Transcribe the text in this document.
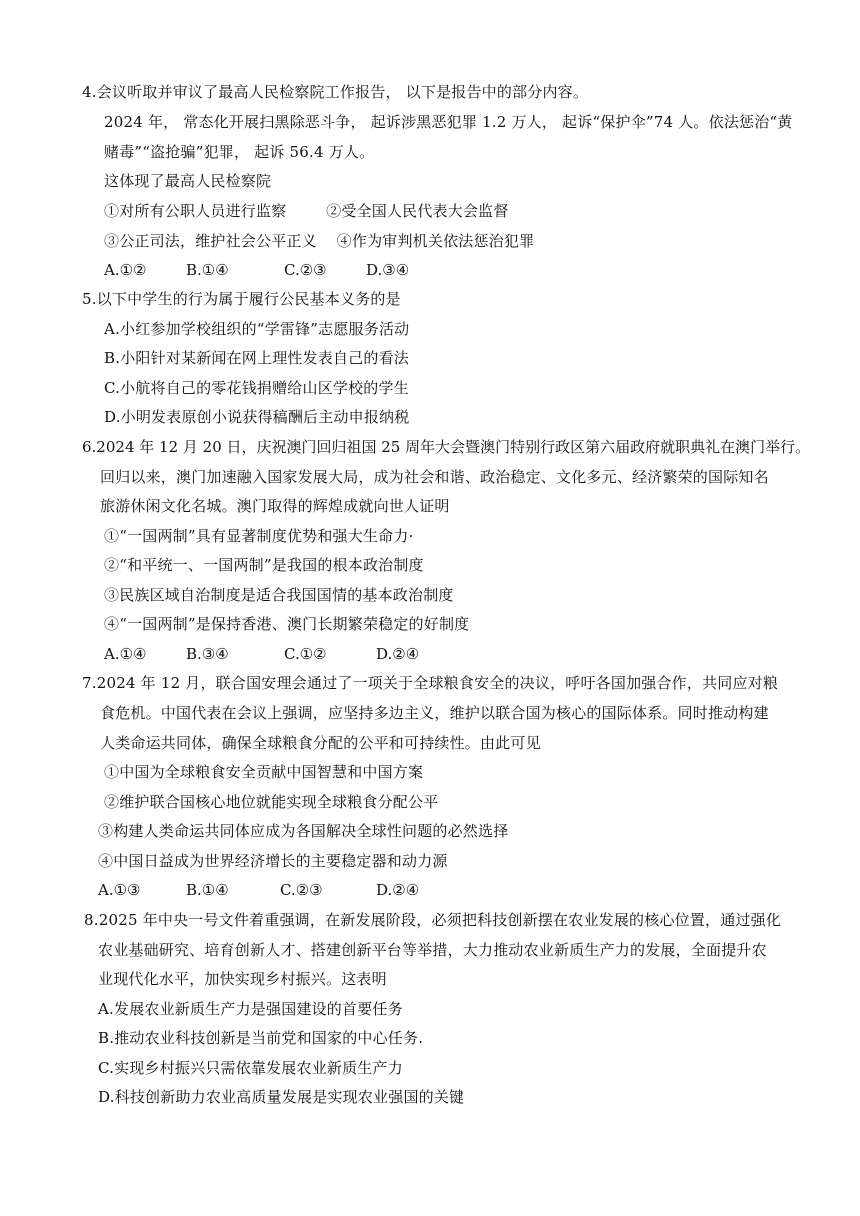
4.会议听取并审议了最高人民检察院工作报告， 以下是报告中的部分内容。
2024 年， 常态化开展扫黑除恶斗争， 起诉涉黑恶犯罪 1.2 万人， 起诉“保护伞”74 人。依法惩治“黄
赌毒”“盗抢骗”犯罪， 起诉 56.4 万人。
这体现了最高人民检察院
①对所有公职人员进行监察        ②受全国人民代表大会监督
③公正司法，维护社会公平正义    ④作为审判机关依法惩治犯罪
A.①②	B.①④	C.②③	D.③④
5.以下中学生的行为属于履行公民基本义务的是
A.小红参加学校组织的“学雷锋”志愿服务活动
B.小阳针对某新闻在网上理性发表自己的看法
C.小航将自己的零花钱捐赠给山区学校的学生
D.小明发表原创小说获得稿酬后主动申报纳税
6.2024 年 12 月 20 日，庆祝澳门回归祖国 25 周年大会暨澳门特别行政区第六届政府就职典礼在澳门举行。
回归以来，澳门加速融入国家发展大局，成为社会和谐、政治稳定、文化多元、经济繁荣的国际知名
旅游休闲文化名城。澳门取得的辉煌成就向世人证明
①“一国两制”具有显著制度优势和强大生命力·
②“和平统一、一国两制”是我国的根本政治制度
③民族区域自治制度是适合我国国情的基本政治制度
④“一国两制”是保持香港、澳门长期繁荣稳定的好制度
A.①④	B.③④	C.①②	D.②④
7.2024 年 12 月，联合国安理会通过了一项关于全球粮食安全的决议，呼吁各国加强合作，共同应对粮
食危机。中国代表在会议上强调，应坚持多边主义，维护以联合国为核心的国际体系。同时推动构建
人类命运共同体，确保全球粮食分配的公平和可持续性。由此可见
①中国为全球粮食安全贡献中国智慧和中国方案
②维护联合国核心地位就能实现全球粮食分配公平
③构建人类命运共同体应成为各国解决全球性问题的必然选择
④中国日益成为世界经济增长的主要稳定器和动力源
A.①③	B.①④	C.②③	D.②④
8.2025 年中央一号文件着重强调，在新发展阶段，必须把科技创新摆在农业发展的核心位置，通过强化
农业基础研究、培育创新人才、搭建创新平台等举措，大力推动农业新质生产力的发展，全面提升农
业现代化水平，加快实现乡村振兴。这表明
A.发展农业新质生产力是强国建设的首要任务
B.推动农业科技创新是当前党和国家的中心任务.
C.实现乡村振兴只需依靠发展农业新质生产力
D.科技创新助力农业高质量发展是实现农业强国的关键
